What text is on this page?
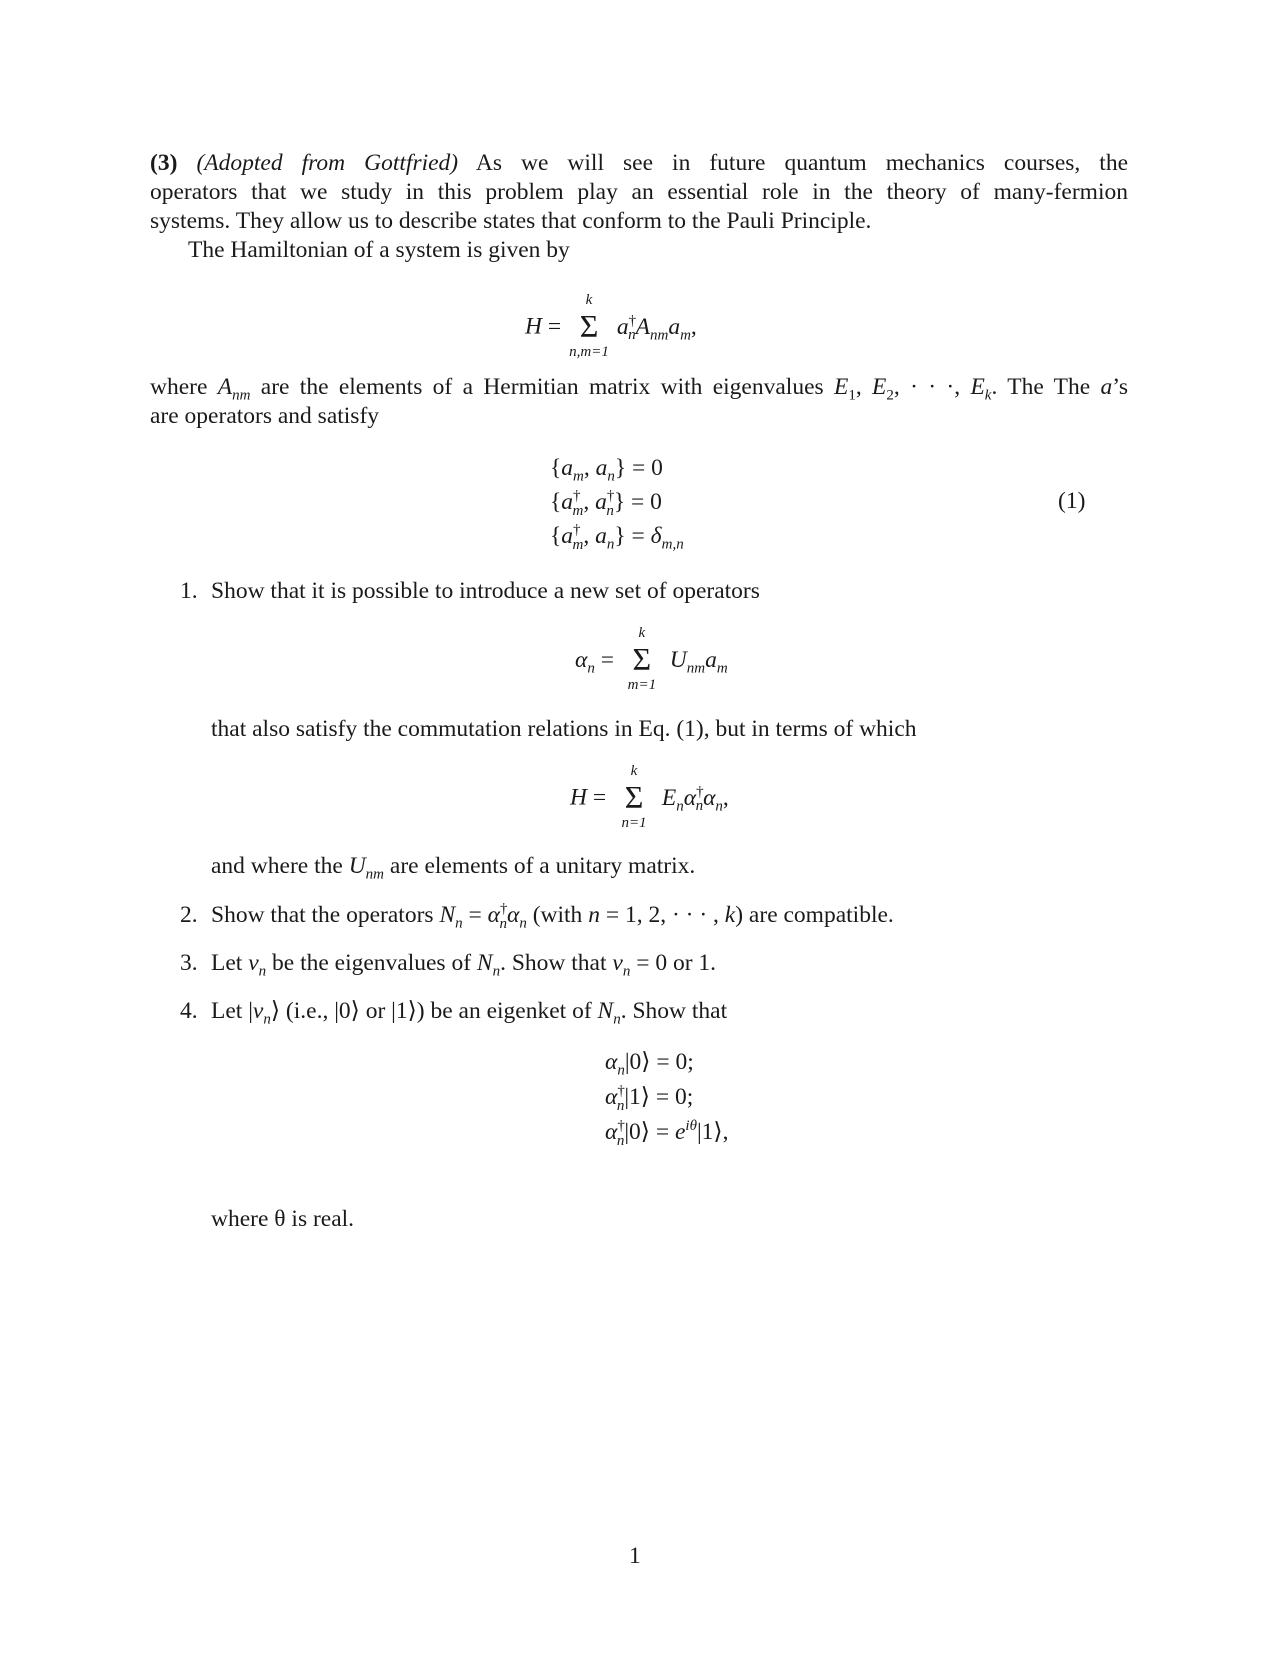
(3) (Adopted from Gottfried) As we will see in future quantum mechanics courses, the
operators that we study in this problem play an essential role in the theory of many-fermion
systems. They allow us to describe states that conform to the Pauli Principle.
The Hamiltonian of a system is given by
H =
k
Σ
n,m=1
$a^\dagger_nA_{nm}a_m$,
where $A_{nm}$ are the elements of a Hermitian matrix with eigenvalues $E_1$, $E_2$, · · ·, $E_k$. The The a’s
are operators and satisfy
{$a_m$, $a_n\} = 0$
{$a^\dagger_m$, $a^\dagger_n\} = 0$
{$a^\dagger_m$, $a_n\} = \delta_{m,n}$
(1)
1. Show that it is possible to introduce a new set of operators
$\alpha_n$ =
k
Σ
m=1
$U_{nm}a_m$
that also satisfy the commutation relations in Eq. (1), but in terms of which
H =
k
Σ
n=1
$E_n\alpha^\dagger_n\alpha_n$,
and where the $U_{nm}$ are elements of a unitary matrix.
2. Show that the operators $N_n = \alpha^\dagger_n\alpha_n$ (with n = 1, 2, · · · , k) are compatible.
3. Let $\nu_n$ be the eigenvalues of $N_n$. Show that $\nu_n = 0$ or 1.
4. Let $|\nu_n⟩$ (i.e., |0⟩ or |1⟩) be an eigenket of $N_n$. Show that
$\alpha_n|0⟩ = 0$;
$\alpha^\dagger_n|1⟩ = 0$;
$\alpha^\dagger_n|0⟩$ = $e^{i\theta}|1⟩$,
where θ is real.
1
